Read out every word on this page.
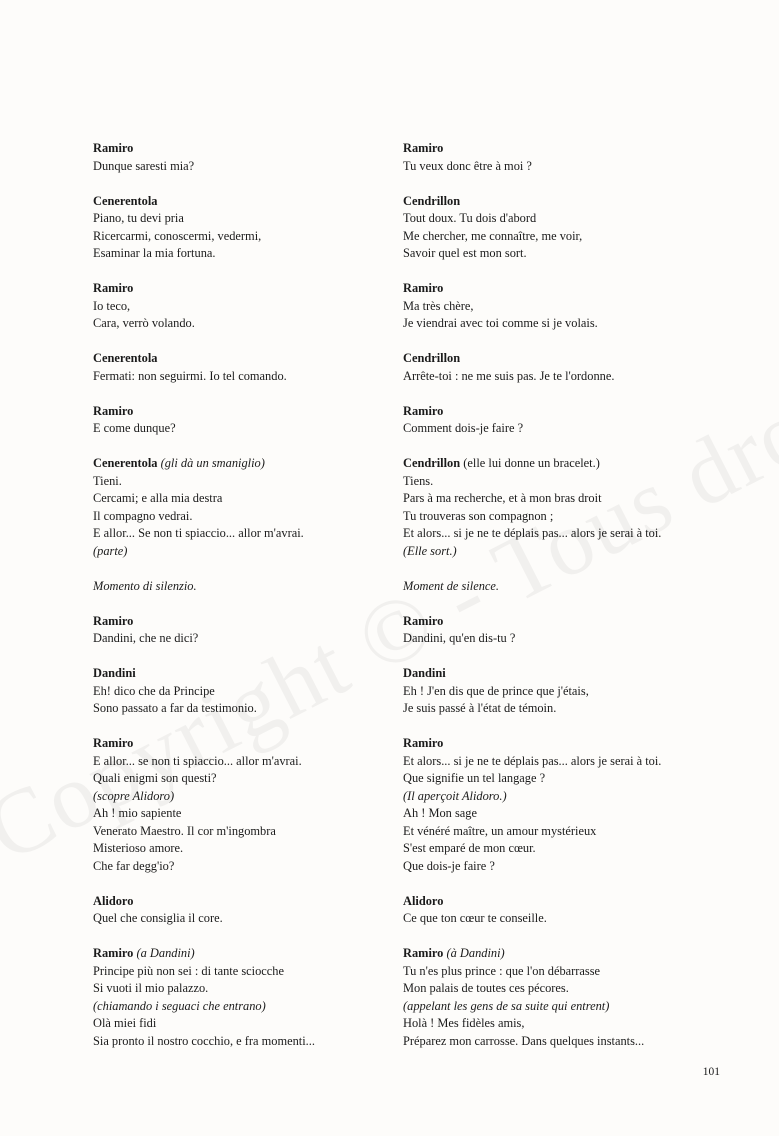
Ramiro
Dunque saresti mia?
Cenerentola
Piano, tu devi pria
Ricercarmi, conoscermi, vedermi,
Esaminar la mia fortuna.
Ramiro
Io teco,
Cara, verrò volando.
Cenerentola
Fermati: non seguirmi. Io tel comando.
Ramiro
E come dunque?
Cenerentola (gli dà un smaniglio)
Tieni.
Cercami; e alla mia destra
Il compagno vedrai.
E allor... Se non ti spiaccio... allor m'avrai.
(parte)
Momento di silenzio.
Ramiro
Dandini, che ne dici?
Dandini
Eh! dico che da Principe
Sono passato a far da testimonio.
Ramiro
E allor... se non ti spiaccio... allor m'avrai.
Quali enigmi son questi?
(scopre Alidoro)
Ah ! mio sapiente
Venerato Maestro. Il cor m'ingombra
Misterioso amore.
Che far degg'io?
Alidoro
Quel che consiglia il core.
Ramiro (a Dandini)
Principe più non sei : di tante sciocche
Si vuoti il mio palazzo.
(chiamando i seguaci che entrano)
Olà miei fidi
Sia pronto il nostro cocchio, e fra momenti...
Ramiro
Tu veux donc être à moi ?
Cendrillon
Tout doux. Tu dois d'abord
Me chercher, me connaître, me voir,
Savoir quel est mon sort.
Ramiro
Ma très chère,
Je viendrai avec toi comme si je volais.
Cendrillon
Arrête-toi : ne me suis pas. Je te l'ordonne.
Ramiro
Comment dois-je faire ?
Cendrillon (elle lui donne un bracelet.)
Tiens.
Pars à ma recherche, et à mon bras droit
Tu trouveras son compagnon ;
Et alors... si je ne te déplais pas... alors je serai à toi.
(Elle sort.)
Moment de silence.
Ramiro
Dandini, qu'en dis-tu ?
Dandini
Eh ! J'en dis que de prince que j'étais,
Je suis passé à l'état de témoin.
Ramiro
Et alors... si je ne te déplais pas... alors je serai à toi.
Que signifie un tel langage ?
(Il aperçoit Alidoro.)
Ah ! Mon sage
Et vénéré maître, un amour mystérieux
S'est emparé de mon cœur.
Que dois-je faire ?
Alidoro
Ce que ton cœur te conseille.
Ramiro (à Dandini)
Tu n'es plus prince : que l'on débarrasse
Mon palais de toutes ces pécores.
(appelant les gens de sa suite qui entrent)
Holà ! Mes fidèles amis,
Préparez mon carrosse. Dans quelques instants...
101
